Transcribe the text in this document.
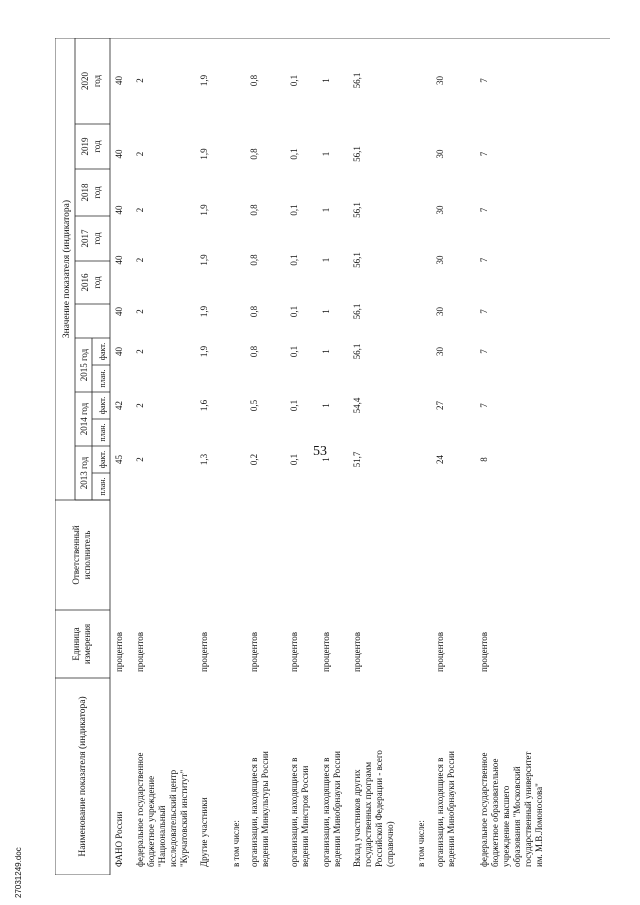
53
27031249.doc
Наименование показателя (индикатора)
Единица измерения
Ответственный исполнитель
Значение показателя (индикатора)
2013 год план.
факт.
2014 год план.
факт.
2015 год план.
факт.
2016 год
2017 год
2018 год
2019 год
2020 год
ФАНО России
процентов
45
42
40
40
40
40
40
40
федеральное государственное бюджетное учреждение "Национальный исследовательский центр "Курчатовский институт"
процентов
2
2
2
2
2
2
2
2
Другие участники
процентов
1,3
1,6
1,9
1,9
1,9
1,9
1,9
1,9
в том числе: организации, находящиеся в ведении Минкультуры России
процентов
0,2
0,5
0,8
0,8
0,8
0,8
0,8
0,8
организации, находящиеся в ведении Минстроя России
процентов
0,1
0,1
0,1
0,1
0,1
0,1
0,1
0,1
организации, находящиеся в ведении Минобрнауки России
процентов
1
1
1
1
1
1
1
1
Вклад участников других государственных программ Российской Федерации - всего (справочно)
процентов
51,7
54,4
56,1
56,1
56,1
56,1
56,1
56,1
в том числе: организации, находящиеся в ведении Минобрнауки России
процентов
24
27
30
30
30
30
30
30
федеральное государственное бюджетное образовательное учреждение высшего образования "Московский государственный университет им. М.В.Ломоносова"
процентов
8
7
7
7
7
7
7
7
